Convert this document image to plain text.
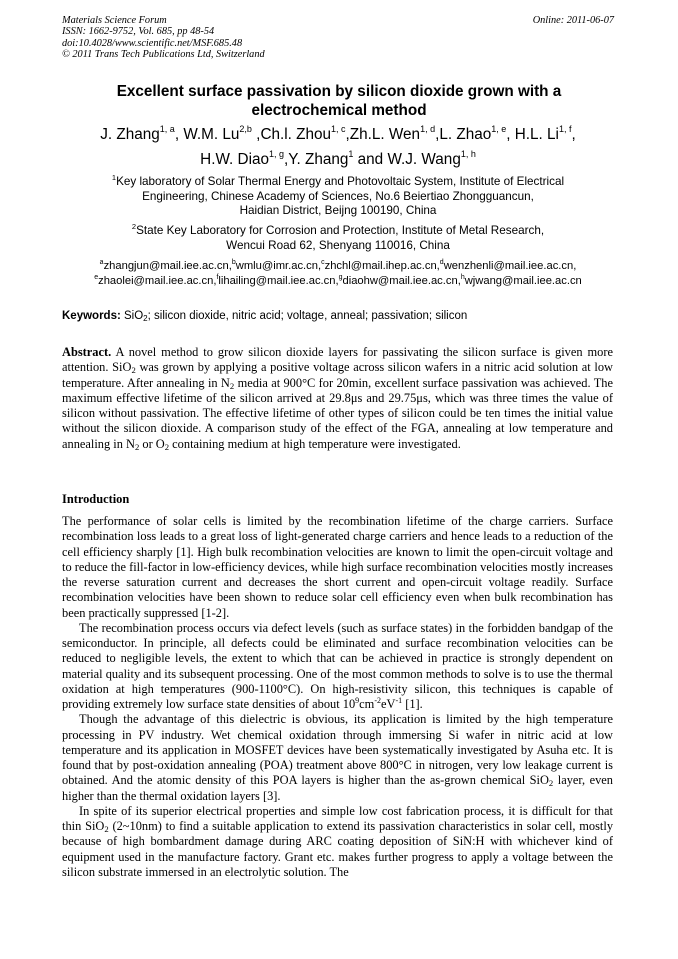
Materials Science Forum
ISSN: 1662-9752, Vol. 685, pp 48-54
doi:10.4028/www.scientific.net/MSF.685.48
© 2011 Trans Tech Publications Ltd, Switzerland
Online: 2011-06-07
Excellent surface passivation by silicon dioxide grown with a
electrochemical method
J. Zhang$^{1, a}$, W.M. Lu$^{2,b}$ ,Ch.l. Zhou$^{1, c}$,Zh.L. Wen$^{1, d}$,L. Zhao$^{1, e}$, H.L. Li$^{1, f}$,
H.W. Diao$^{1, g}$,Y. Zhang$^1$ and W.J. Wang$^{1, h}$
$^1$Key laboratory of Solar Thermal Energy and Photovoltaic System, Institute of Electrical
Engineering, Chinese Academy of Sciences, No.6 Beiertiao Zhongguancun,
Haidian District, Beijng 100190, China
$^2$State Key Laboratory for Corrosion and Protection, Institute of Metal Research,
Wencui Road 62, Shenyang 110016, China
$^a$zhangjun@mail.iee.ac.cn,$^b$wmlu@imr.ac.cn,$^c$zhchl@mail.ihep.ac.cn,$^d$wenzhenli@mail.iee.ac.cn,
$^e$zhaolei@mail.iee.ac.cn,$^f$lihailing@mail.iee.ac.cn,$^g$diaohw@mail.iee.ac.cn,$^h$wjwang@mail.iee.ac.cn
Keywords: SiO$_2$; silicon dioxide, nitric acid; voltage, anneal; passivation; silicon
Abstract. A novel method to grow silicon dioxide layers for passivating the silicon surface is given more attention. SiO$_2$ was grown by applying a positive voltage across silicon wafers in a nitric acid solution at low temperature. After annealing in $N_2$ media at 900°C for 20min, excellent surface passivation was achieved. The maximum effective lifetime of the silicon arrived at 29.8μs and 29.75μs, which was three times the value of silicon without passivation. The effective lifetime of other types of silicon could be ten times the initial value without the silicon dioxide. A comparison study of the effect of the FGA, annealing at low temperature and annealing in $N_2$ or $O_2$ containing medium at high temperature were investigated.
Introduction

The performance of solar cells is limited by the recombination lifetime of the charge carriers. Surface recombination loss leads to a great loss of light-generated charge carriers and hence leads to a reduction of the cell efficiency sharply [1]. High bulk recombination velocities are known to limit the open-circuit voltage and to reduce the fill-factor in low-efficiency devices, while high surface recombination velocities mostly increases the reverse saturation current and decreases the short current and open-circuit voltage readily. Surface recombination velocities have been shown to reduce solar cell efficiency even when bulk recombination has been practically suppressed [1-2].

The recombination process occurs via defect levels (such as surface states) in the forbidden bandgap of the semiconductor. In principle, all defects could be eliminated and surface recombination velocities can be reduced to negligible levels, the extent to which that can be achieved in practice is strongly dependent on material quality and its subsequent processing. One of the most common methods to solve is to use the thermal oxidation at high temperatures (900-1100°C). On high-resistivity silicon, this techniques is capable of providing extremely low surface state densities of about $10^9cm^{-2}eV^{-1}$ [1].

Though the advantage of this dielectric is obvious, its application is limited by the high temperature processing in PV industry. Wet chemical oxidation through immersing Si wafer in nitric acid at low temperature and its application in MOSFET devices have been systematically investigated by Asuha etc. It is found that by post-oxidation annealing (POA) treatment above 800°C in nitrogen, very low leakage current is obtained. And the atomic density of this POA layers is higher than the as-grown chemical SiO$_2$ layer, even higher than the thermal oxidation layers [3].

In spite of its superior electrical properties and simple low cost fabrication process, it is difficult for that thin SiO$_2$ (2~10nm) to find a suitable application to extend its passivation characteristics in solar cell, mostly because of high bombardment damage during ARC coating deposition of SiN:H with whichever kind of equipment used in the manufacture factory. Grant etc. makes further progress to apply a voltage between the silicon substrate immersed in an electrolytic solution. The
